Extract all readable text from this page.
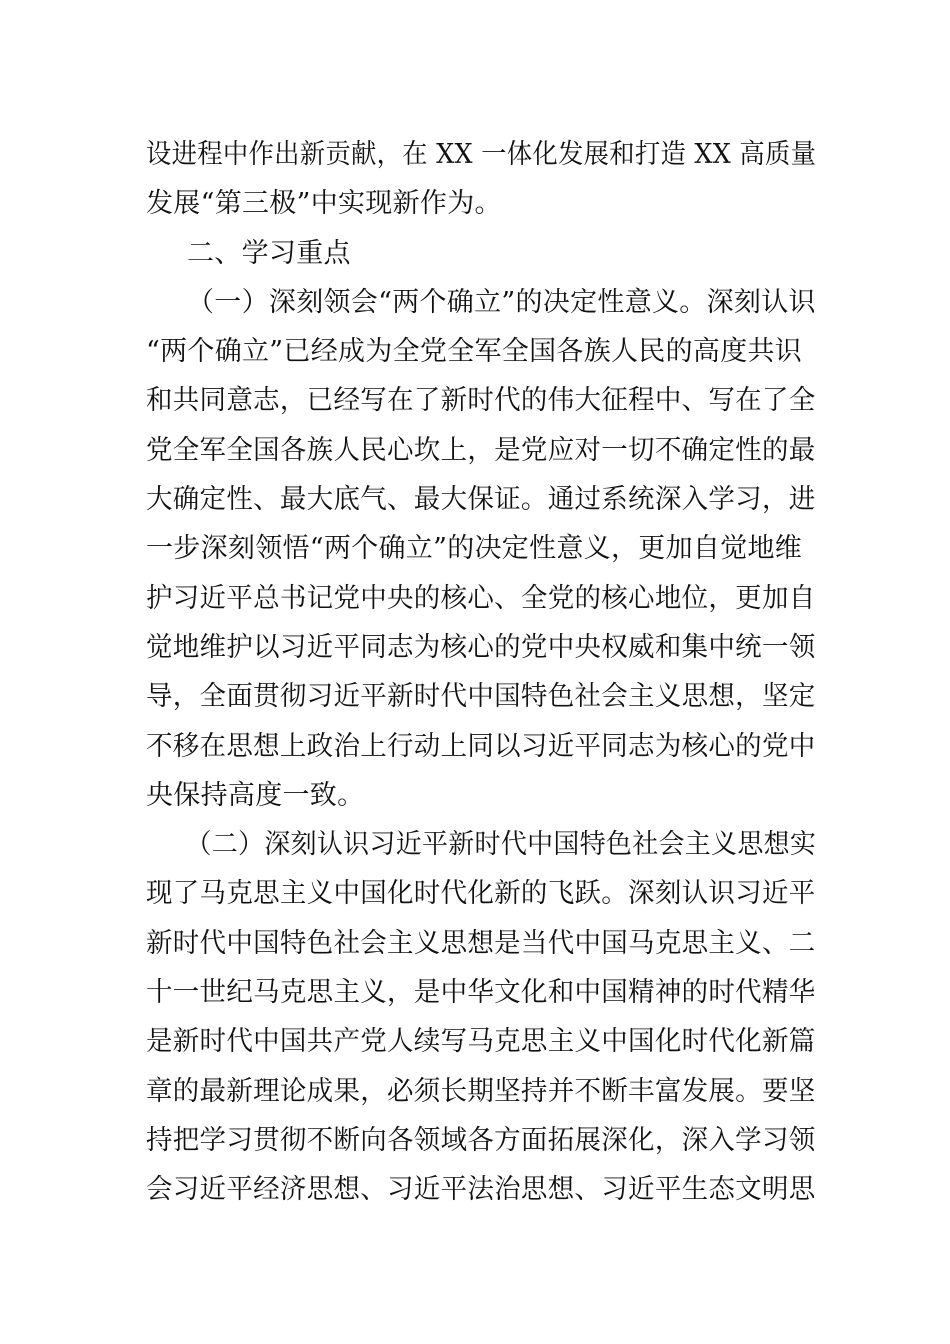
设进程中作出新贡献，在 XX 一体化发展和打造 XX 高质量
发展“第三极”中实现新作为。
二、学习重点
（一）深刻领会“两个确立”的决定性意义。深刻认识
“两个确立”已经成为全党全军全国各族人民的高度共识
和共同意志，已经写在了新时代的伟大征程中、写在了全
党全军全国各族人民心坎上，是党应对一切不确定性的最
大确定性、最大底气、最大保证。通过系统深入学习，进
一步深刻领悟“两个确立”的决定性意义，更加自觉地维
护习近平总书记党中央的核心、全党的核心地位，更加自
觉地维护以习近平同志为核心的党中央权威和集中统一领
导，全面贯彻习近平新时代中国特色社会主义思想，坚定
不移在思想上政治上行动上同以习近平同志为核心的党中
央保持高度一致。
（二）深刻认识习近平新时代中国特色社会主义思想实
现了马克思主义中国化时代化新的飞跃。深刻认识习近平
新时代中国特色社会主义思想是当代中国马克思主义、二
十一世纪马克思主义，是中华文化和中国精神的时代精华
是新时代中国共产党人续写马克思主义中国化时代化新篇
章的最新理论成果，必须长期坚持并不断丰富发展。要坚
持把学习贯彻不断向各领域各方面拓展深化，深入学习领
会习近平经济思想、习近平法治思想、习近平生态文明思
